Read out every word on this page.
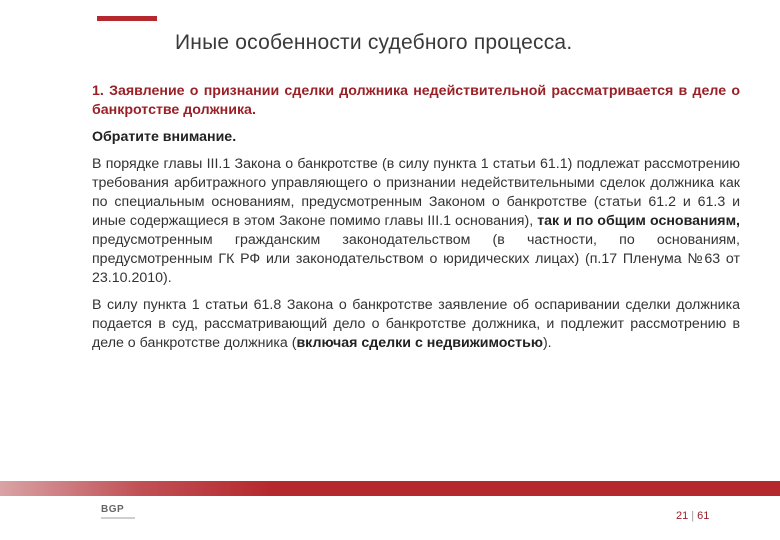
Иные особенности судебного процесса.

1. Заявление о признании сделки должника недействительной рассматривается в деле о банкротстве должника.

Обратите внимание.

В порядке главы III.1 Закона о банкротстве (в силу пункта 1 статьи 61.1) подлежат рассмотрению требования арбитражного управляющего о признании недействительными сделок должника как по специальным основаниям, предусмотренным Законом о банкротстве (статьи 61.2 и 61.3 и иные содержащиеся в этом Законе помимо главы III.1 основания), так и по общим основаниям, предусмотренным гражданским законодательством (в частности, по основаниям, предусмотренным ГК РФ или законодательством о юридических лицах) (п.17 Пленума №63 от 23.10.2010).

В силу пункта 1 статьи 61.8 Закона о банкротстве заявление об оспаривании сделки должника подается в суд, рассматривающий дело о банкротстве должника, и подлежит рассмотрению в деле о банкротстве должника (включая сделки с недвижимостью).

BGP
21 | 61
